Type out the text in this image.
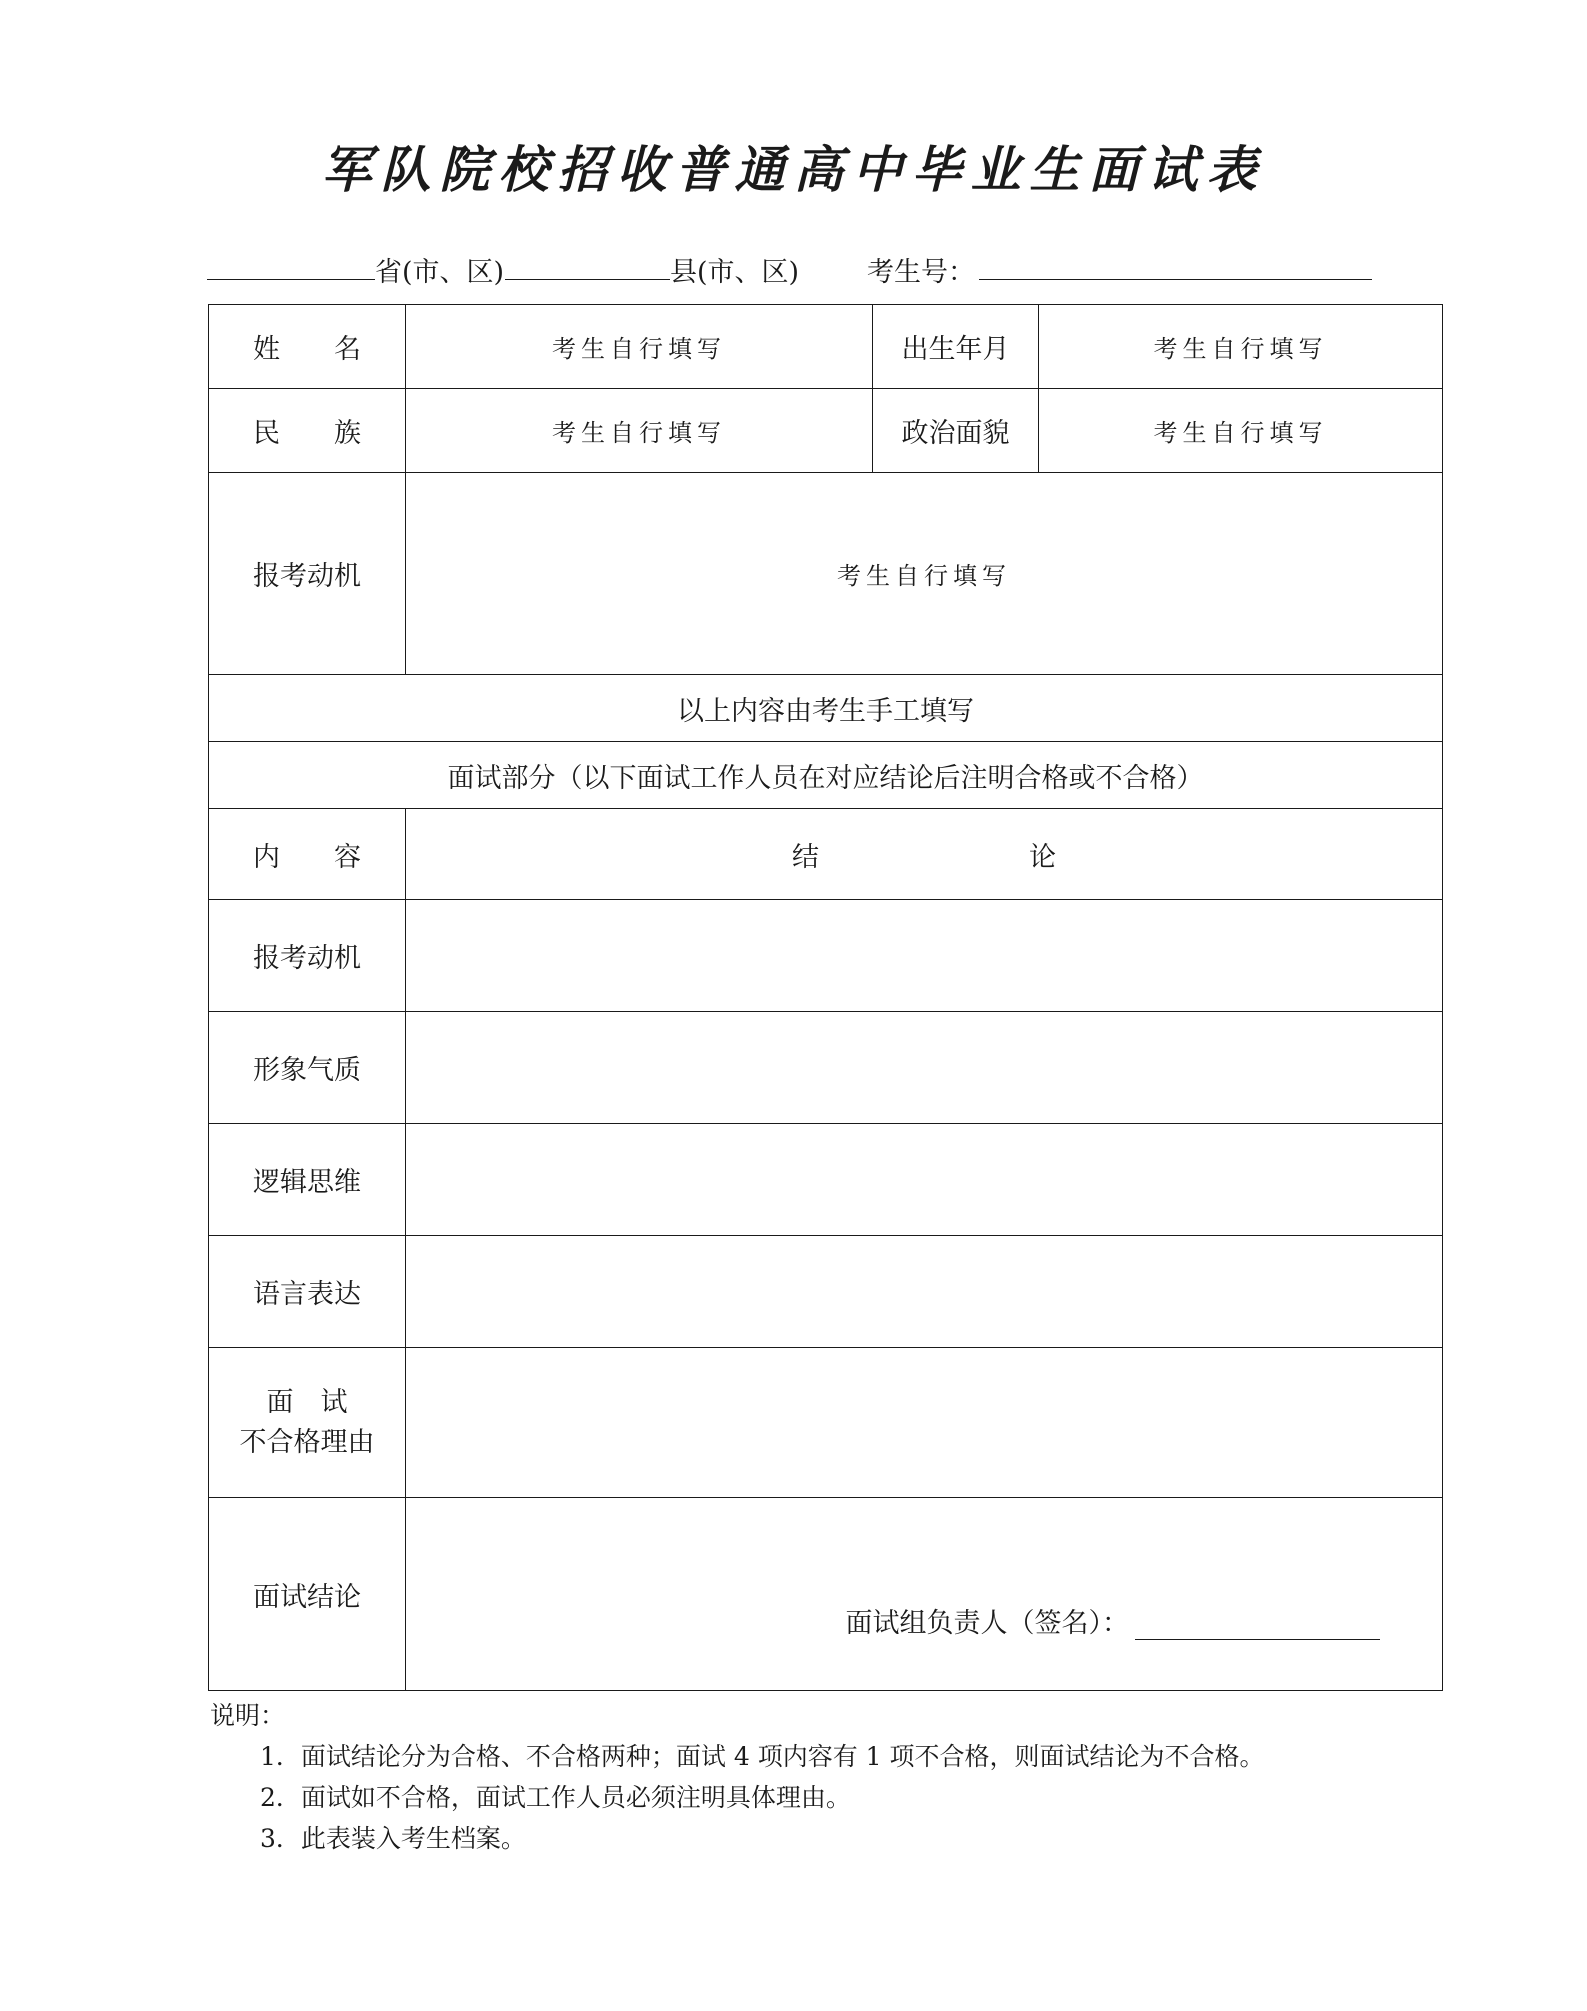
军队院校招收普通高中毕业生面试表
省(市、区)	县(市、区)	考生号：
姓　　名	考生自行填写	出生年月	考生自行填写
民　　族	考生自行填写	政治面貌	考生自行填写
报考动机	考生自行填写		
以上内容由考生手工填写			
面试部分（以下面试工作人员在对应结论后注明合格或不合格）			
内　　容	结 论		
报考动机			
形象气质			
逻辑思维			
语言表达			

面　试
不合格理由			

面试结论	面试组负责人（签名）：		
说明：
1．面试结论分为合格、不合格两种；面试 4 项内容有 1 项不合格，则面试结论为不合格。
2．面试如不合格，面试工作人员必须注明具体理由。
3．此表装入考生档案。
